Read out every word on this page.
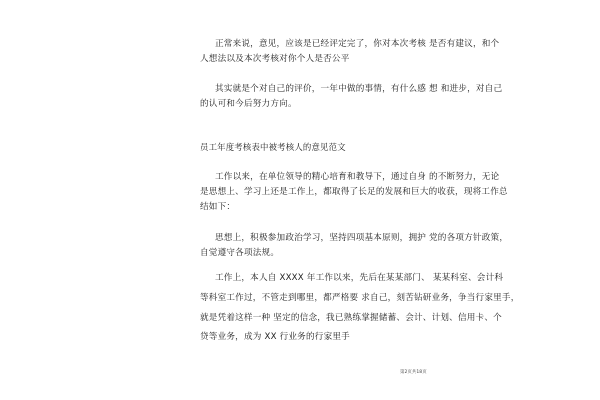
正常来说，意见，应该是已经评定完了，你对本次考核 是否有建议，和个
人想法以及本次考核对你个人是否公平
其实就是个对自己的评价，一年中做的事情，有什么感 想 和进步，对自己
的认可和今后努力方向。
员工年度考核表中被考核人的意见范文
工作以来，在单位领导的精心培育和教导下，通过自身 的不断努力，无论
是思想上、学习上还是工作上，都取得了长足的发展和巨大的收获，现将工作总
结如下：
思想上，积极参加政治学习，坚持四项基本原则，拥护 党的各项方针政策，
自觉遵守各项法规。
工作上，本人自 XXXX 年工作以来，先后在某某部门、 某某科室、会计科
等科室工作过，不管走到哪里，都严格要 求自己，刻苦钻研业务，争当行家里手，
就是凭着这样一种 坚定的信念，我已熟练掌握储蓄、会计、计划、信用卡、个
贷等业务，成为 XX 行业务的行家里手
第2页共18页
